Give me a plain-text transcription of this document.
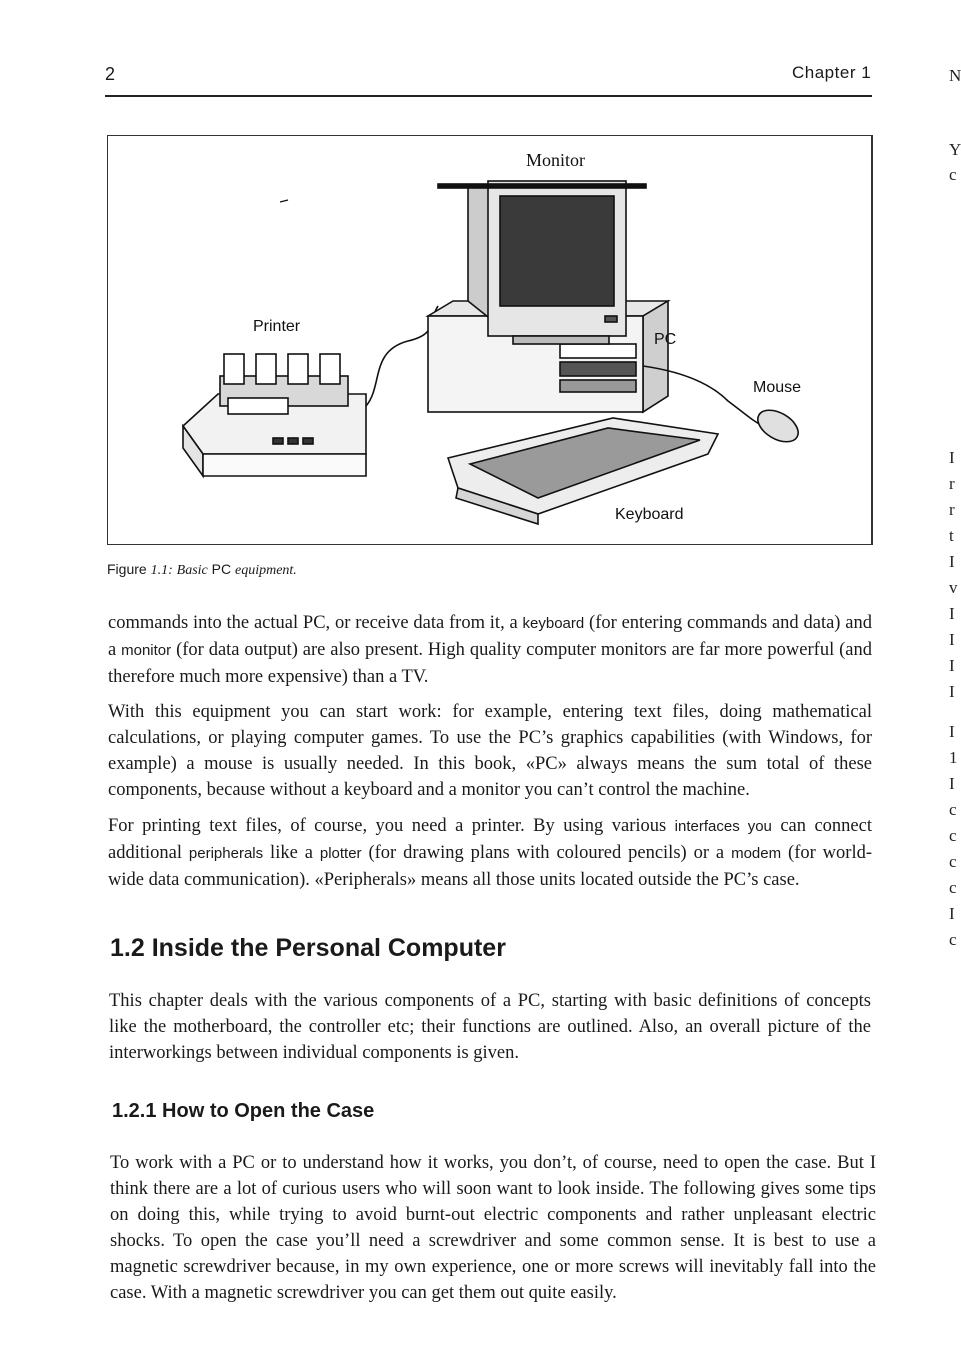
2	Chapter 1
Monitor
Printer
PC
Mouse
Keyboard
Figure 1.1: Basic PC equipment.

commands into the actual PC, or receive data from it, a keyboard (for entering commands and data) and a monitor (for data output) are also present. High quality computer monitors are far more powerful (and therefore much more expensive) than a TV.

With this equipment you can start work: for example, entering text files, doing mathematical calculations, or playing computer games. To use the PC’s graphics capabilities (with Windows, for example) a mouse is usually needed. In this book, «PC» always means the sum total of these components, because without a keyboard and a monitor you can’t control the machine.

For printing text files, of course, you need a printer. By using various interfaces you can connect additional peripherals like a plotter (for drawing plans with coloured pencils) or a modem (for world-wide data communication). «Peripherals» means all those units located outside the PC’s case.

1.2 Inside the Personal Computer

This chapter deals with the various components of a PC, starting with basic definitions of concepts like the motherboard, the controller etc; their functions are outlined. Also, an overall picture of the interworkings between individual components is given.

1.2.1 How to Open the Case

To work with a PC or to understand how it works, you don’t, of course, need to open the case. But I think there are a lot of curious users who will soon want to look inside. The following gives some tips on doing this, while trying to avoid burnt-out electric components and rather unpleasant electric shocks. To open the case you’ll need a screwdriver and some common sense. It is best to use a magnetic screwdriver because, in my own experience, one or more screws will inevitably fall into the case. With a magnetic screwdriver you can get them out quite easily.

N
Y
c
I
r
r
t
I
v
I
I
I
I
I
1
I
c
c
c
c
I
c
